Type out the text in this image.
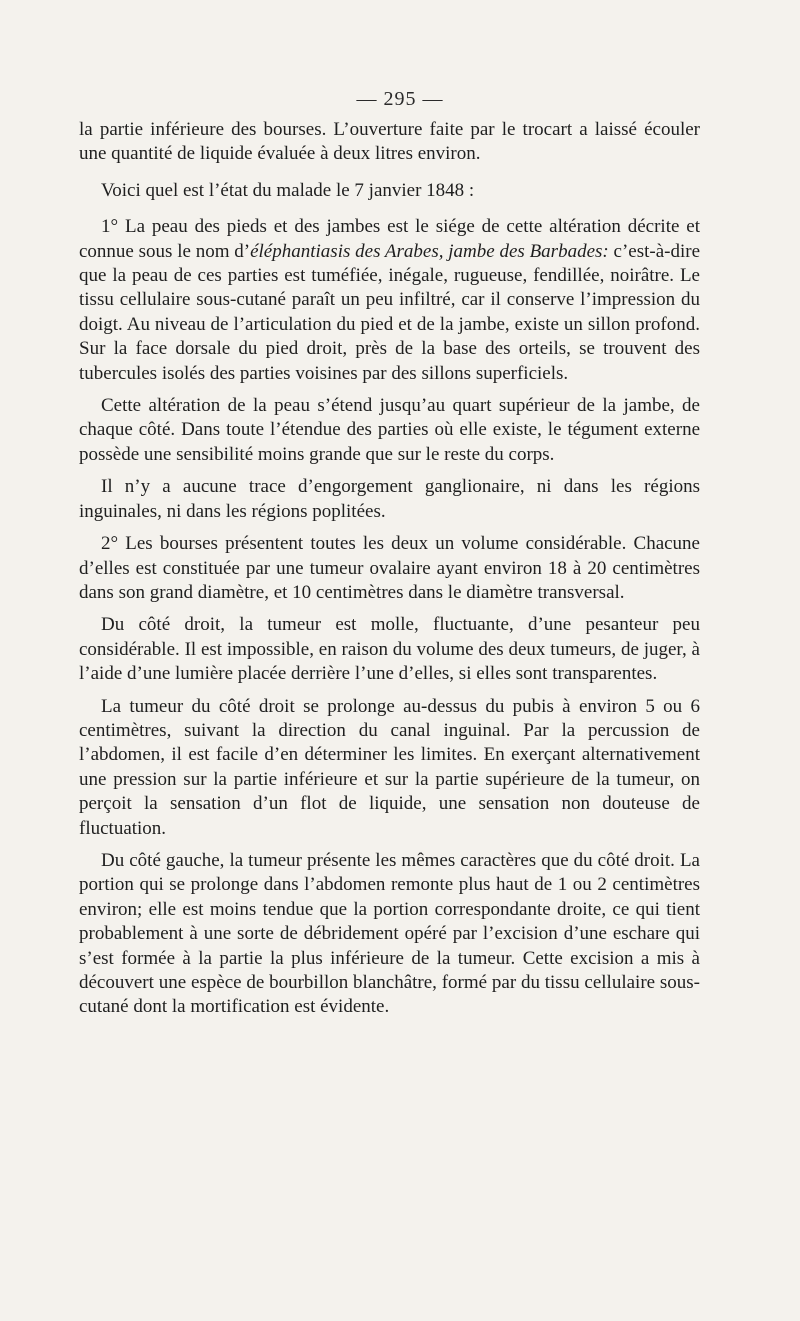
— 295 —

la partie inférieure des bourses. L’ouverture faite par le trocart a laissé écouler une quantité de liquide évaluée à deux litres environ.

Voici quel est l’état du malade le 7 janvier 1848 :

1° La peau des pieds et des jambes est le siége de cette altération décrite et connue sous le nom d’éléphantiasis des Arabes, jambe des Barbades: c’est-à-dire que la peau de ces parties est tuméfiée, inégale, rugueuse, fendillée, noirâtre. Le tissu cellulaire sous-cutané paraît un peu infiltré, car il conserve l’impression du doigt. Au niveau de l’articulation du pied et de la jambe, existe un sillon profond. Sur la face dorsale du pied droit, près de la base des orteils, se trouvent des tubercules isolés des parties voisines par des sillons superficiels.

Cette altération de la peau s’étend jusqu’au quart supérieur de la jambe, de chaque côté. Dans toute l’étendue des parties où elle existe, le tégument externe possède une sensibilité moins grande que sur le reste du corps.

Il n’y a aucune trace d’engorgement ganglionaire, ni dans les régions inguinales, ni dans les régions poplitées.

2° Les bourses présentent toutes les deux un volume considérable. Chacune d’elles est constituée par une tumeur ovalaire ayant environ 18 à 20 centimètres dans son grand diamètre, et 10 centimètres dans le diamètre transversal.

Du côté droit, la tumeur est molle, fluctuante, d’une pesanteur peu considérable. Il est impossible, en raison du volume des deux tumeurs, de juger, à l’aide d’une lumière placée derrière l’une d’elles, si elles sont transparentes.

La tumeur du côté droit se prolonge au-dessus du pubis à environ 5 ou 6 centimètres, suivant la direction du canal inguinal. Par la percussion de l’abdomen, il est facile d’en déterminer les limites. En exerçant alternativement une pression sur la partie inférieure et sur la partie supérieure de la tumeur, on perçoit la sensation d’un flot de liquide, une sensation non douteuse de fluctuation.

Du côté gauche, la tumeur présente les mêmes caractères que du côté droit. La portion qui se prolonge dans l’abdomen remonte plus haut de 1 ou 2 centimètres environ; elle est moins tendue que la portion correspondante droite, ce qui tient probablement à une sorte de débridement opéré par l’excision d’une eschare qui s’est formée à la partie la plus inférieure de la tumeur. Cette excision a mis à découvert une espèce de bourbillon blanchâtre, formé par du tissu cellulaire sous-cutané dont la mortification est évidente.
